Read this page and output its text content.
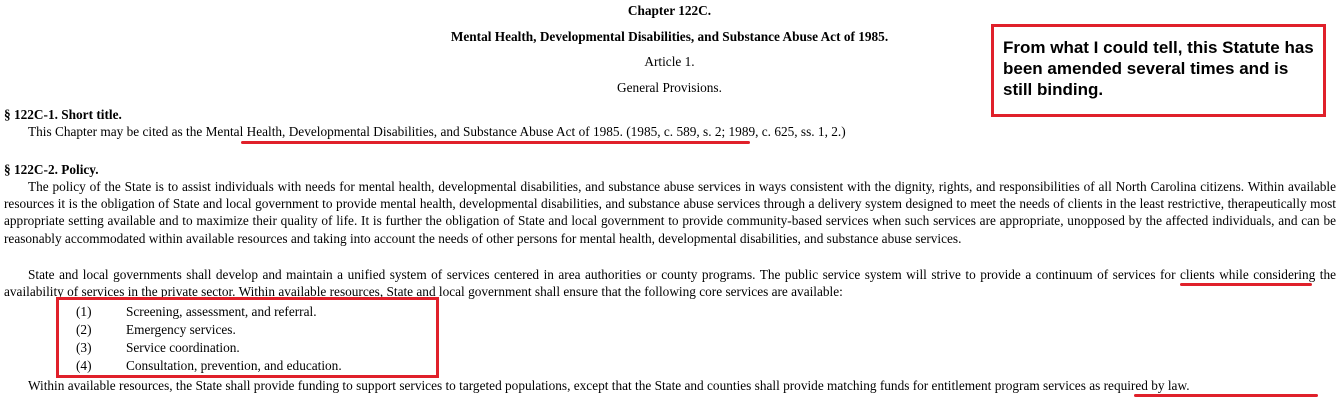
Chapter 122C.
Mental Health, Developmental Disabilities, and Substance Abuse Act of 1985.
Article 1.
General Provisions.
From what I could tell, this Statute has been amended several times and is still binding.
§ 122C-1. Short title.
This Chapter may be cited as the Mental Health, Developmental Disabilities, and Substance Abuse Act of 1985. (1985, c. 589, s. 2; 1989, c. 625, ss. 1, 2.)
§ 122C-2. Policy.

The policy of the State is to assist individuals with needs for mental health, developmental disabilities, and substance abuse services in ways consistent with the dignity, rights, and responsibilities of all North Carolina citizens. Within available resources it is the obligation of State and local government to provide mental health, developmental disabilities, and substance abuse services through a delivery system designed to meet the needs of clients in the least restrictive, therapeutically most appropriate setting available and to maximize their quality of life. It is further the obligation of State and local government to provide community-based services when such services are appropriate, unopposed by the affected individuals, and can be reasonably accommodated within available resources and taking into account the needs of other persons for mental health, developmental disabilities, and substance abuse services.

State and local governments shall develop and maintain a unified system of services centered in area authorities or county programs. The public service system will strive to provide a continuum of services for clients while considering the availability of services in the private sector. Within available resources, State and local government shall ensure that the following core services are available:

(1)	Screening, assessment, and referral.
(2)	Emergency services.
(3)	Service coordination.
(4)	Consultation, prevention, and education.

Within available resources, the State shall provide funding to support services to targeted populations, except that the State and counties shall provide matching funds for entitlement program services as required by law.
